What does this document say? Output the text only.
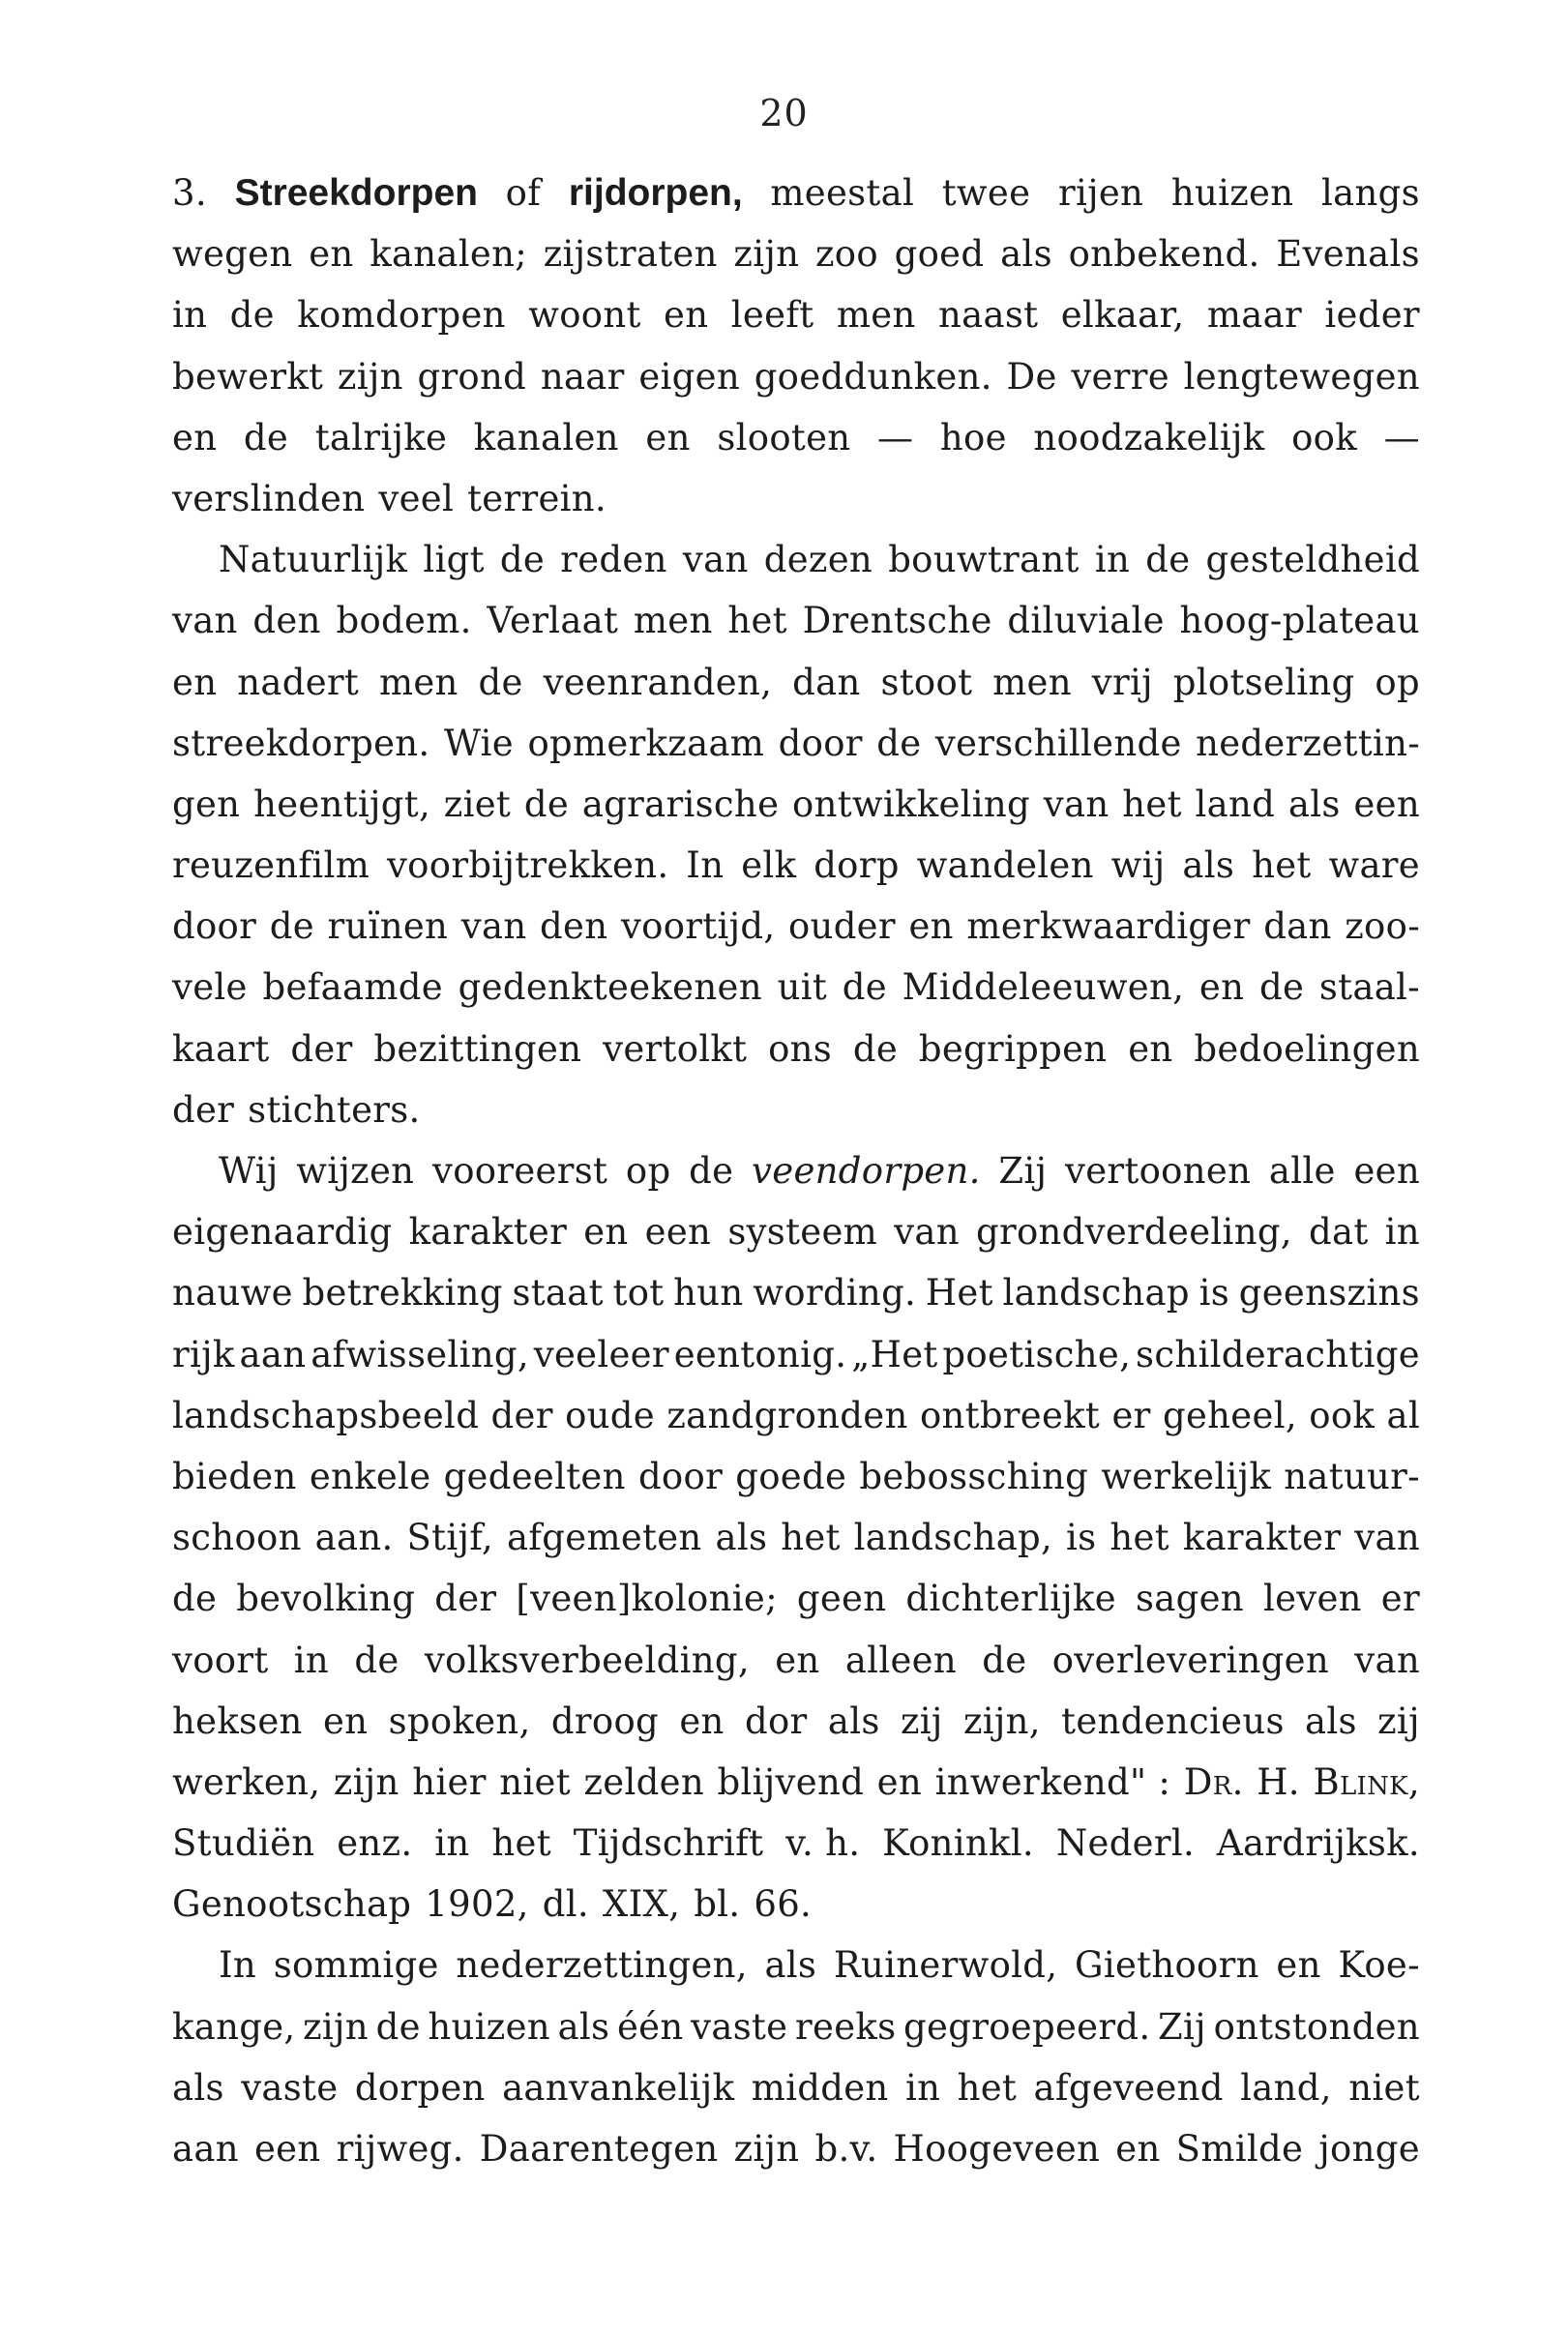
20
3. Streekdorpen of rijdorpen, meestal twee rijen huizen langs
wegen en kanalen; zijstraten zijn zoo goed als onbekend. Evenals
in de komdorpen woont en leeft men naast elkaar, maar ieder
bewerkt zijn grond naar eigen goeddunken. De verre lengtewegen
en de talrijke kanalen en slooten — hoe noodzakelijk ook —
verslinden veel terrein.
Natuurlijk ligt de reden van dezen bouwtrant in de gesteldheid
van den bodem. Verlaat men het Drentsche diluviale hoog-plateau
en nadert men de veenranden, dan stoot men vrij plotseling op
streekdorpen. Wie opmerkzaam door de verschillende nederzettin-
gen heentijgt, ziet de agrarische ontwikkeling van het land als een
reuzenfilm voorbijtrekken. In elk dorp wandelen wij als het ware
door de ruïnen van den voortijd, ouder en merkwaardiger dan zoo-
vele befaamde gedenkteekenen uit de Middeleeuwen, en de staal-
kaart der bezittingen vertolkt ons de begrippen en bedoelingen
der stichters.
Wij wijzen vooreerst op de veendorpen. Zij vertoonen alle een
eigenaardig karakter en een systeem van grondverdeeling, dat in
nauwe betrekking staat tot hun wording. Het landschap is geenszins
rijk aan afwisseling, veeleer eentonig. „Het poetische, schilderachtige
landschapsbeeld der oude zandgronden ontbreekt er geheel, ook al
bieden enkele gedeelten door goede bebossching werkelijk natuur-
schoon aan. Stijf, afgemeten als het landschap, is het karakter van
de bevolking der [veen]kolonie; geen dichterlijke sagen leven er
voort in de volksverbeelding, en alleen de overleveringen van
heksen en spoken, droog en dor als zij zijn, tendencieus als zij
werken, zijn hier niet zelden blijvend en inwerkend" : Dr. H. Blink,
Studiën enz. in het Tijdschrift v. h. Koninkl. Nederl. Aardrijksk.
Genootschap 1902, dl. XIX, bl. 66.
In sommige nederzettingen, als Ruinerwold, Giethoorn en Koe-
kange, zijn de huizen als één vaste reeks gegroepeerd. Zij ontstonden
als vaste dorpen aanvankelijk midden in het afgeveend land, niet
aan een rijweg. Daarentegen zijn b.v. Hoogeveen en Smilde jonge
